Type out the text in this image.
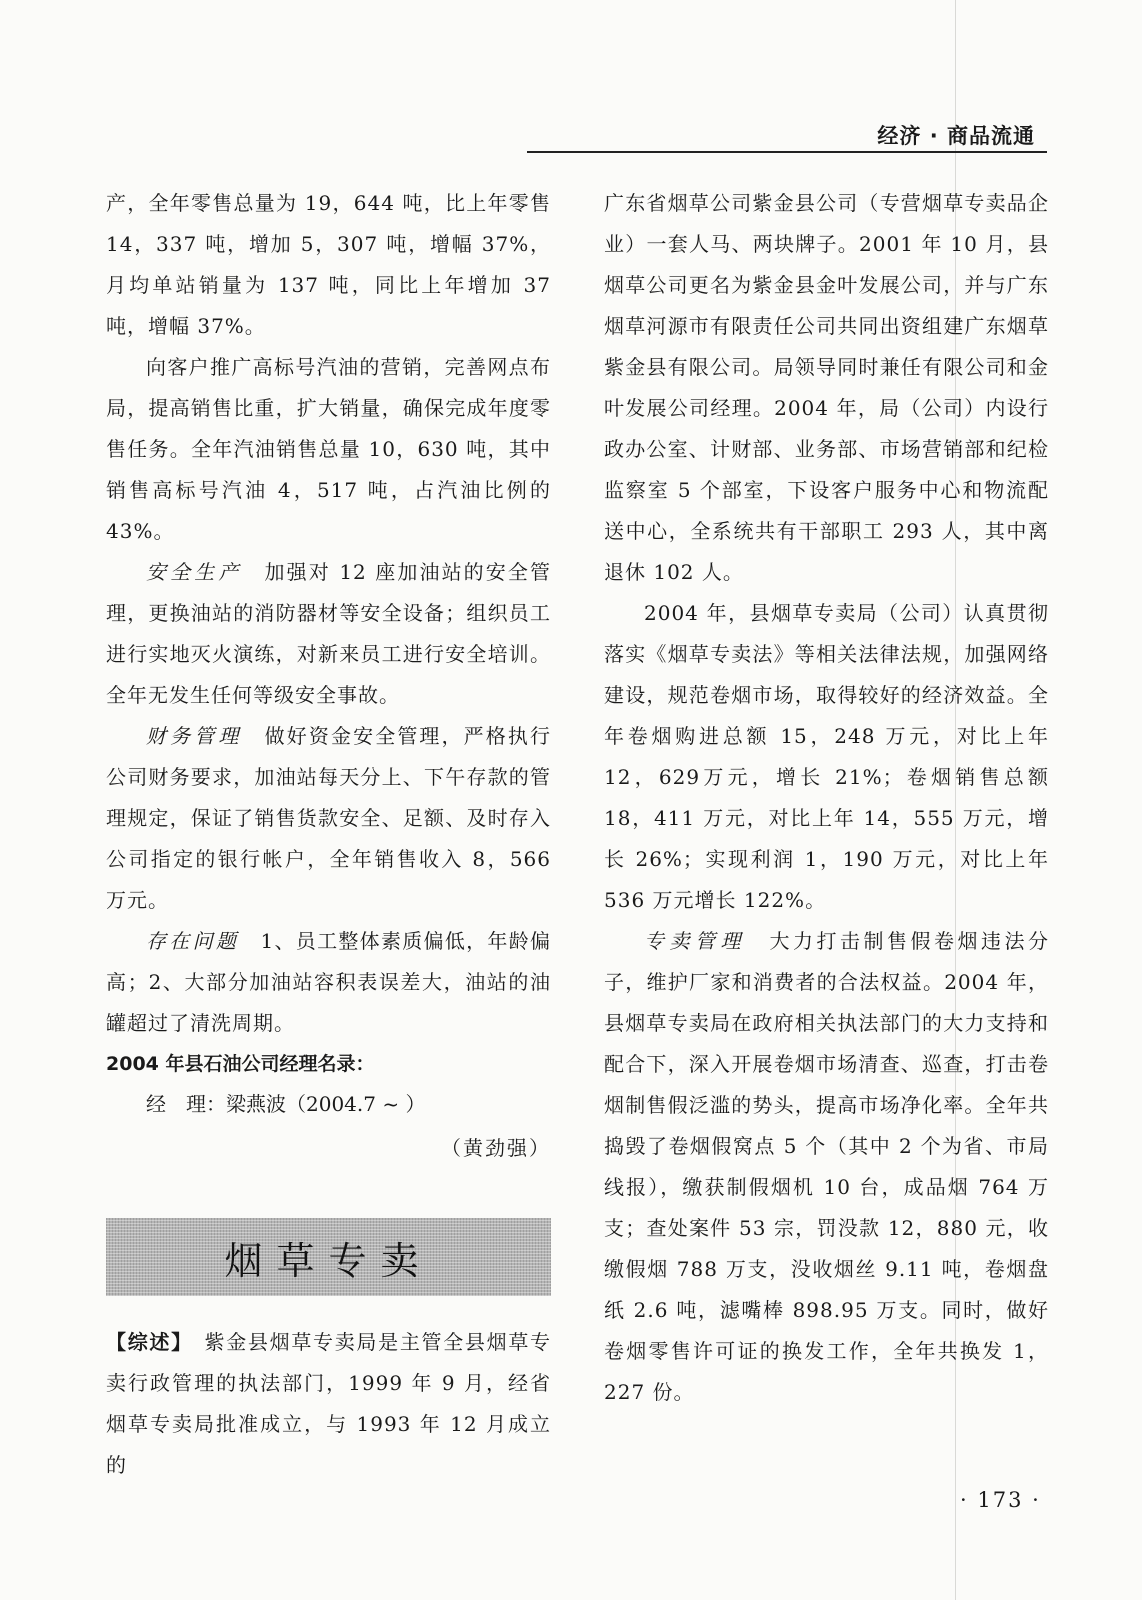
经济 · 商品流通

产，全年零售总量为 19，644 吨，比上年零售 14，337 吨，增加 5，307 吨，增幅 37%，月均单站销量为 137 吨，同比上年增加 37 吨，增幅 37%。

向客户推广高标号汽油的营销，完善网点布局，提高销售比重，扩大销量，确保完成年度零售任务。全年汽油销售总量 10，630 吨，其中销售高标号汽油 4，517 吨，占汽油比例的 43%。

安全生产　 加强对 12 座加油站的安全管理，更换油站的消防器材等安全设备；组织员工进行实地灭火演练，对新来员工进行安全培训。全年无发生任何等级安全事故。

财务管理　 做好资金安全管理，严格执行公司财务要求，加油站每天分上、下午存款的管理规定，保证了销售货款安全、足额、及时存入公司指定的银行帐户，全年销售收入 8，566 万元。

存在问题　 1、员工整体素质偏低，年龄偏高；2、大部分加油站容积表误差大，油站的油罐超过了清洗周期。

2004 年县石油公司经理名录：

经　理：梁燕波（2004.7 ~ ）

（黄劲强）

烟草专卖

【综述】　 紫金县烟草专卖局是主管全县烟草专卖行政管理的执法部门，1999 年 9 月，经省烟草专卖局批准成立，与 1993 年 12 月成立的

广东省烟草公司紫金县公司（专营烟草专卖品企业）一套人马、两块牌子。2001 年 10 月，县烟草公司更名为紫金县金叶发展公司，并与广东烟草河源市有限责任公司共同出资组建广东烟草紫金县有限公司。局领导同时兼任有限公司和金叶发展公司经理。2004 年，局（公司）内设行政办公室、计财部、业务部、市场营销部和纪检监察室 5 个部室，下设客户服务中心和物流配送中心，全系统共有干部职工 293 人，其中离退休 102 人。

2004 年，县烟草专卖局（公司）认真贯彻落实《烟草专卖法》等相关法律法规，加强网络建设，规范卷烟市场，取得较好的经济效益。全年卷烟购进总额 15，248 万元，对比上年 12，629万元，增长 21%；卷烟销售总额 18，411 万元，对比上年 14，555 万元，增长 26%；实现利润 1，190 万元，对比上年 536 万元增长 122%。

专卖管理　 大力打击制售假卷烟违法分子，维护厂家和消费者的合法权益。2004 年，县烟草专卖局在政府相关执法部门的大力支持和配合下，深入开展卷烟市场清查、巡查，打击卷烟制售假泛滥的势头，提高市场净化率。全年共捣毁了卷烟假窝点 5 个（其中 2 个为省、市局线报），缴获制假烟机 10 台，成品烟 764 万支；查处案件 53 宗，罚没款 12，880 元，收缴假烟 788 万支，没收烟丝 9.11 吨，卷烟盘纸 2.6 吨，滤嘴棒 898.95 万支。同时，做好卷烟零售许可证的换发工作，全年共换发 1，227 份。

· 173 ·
